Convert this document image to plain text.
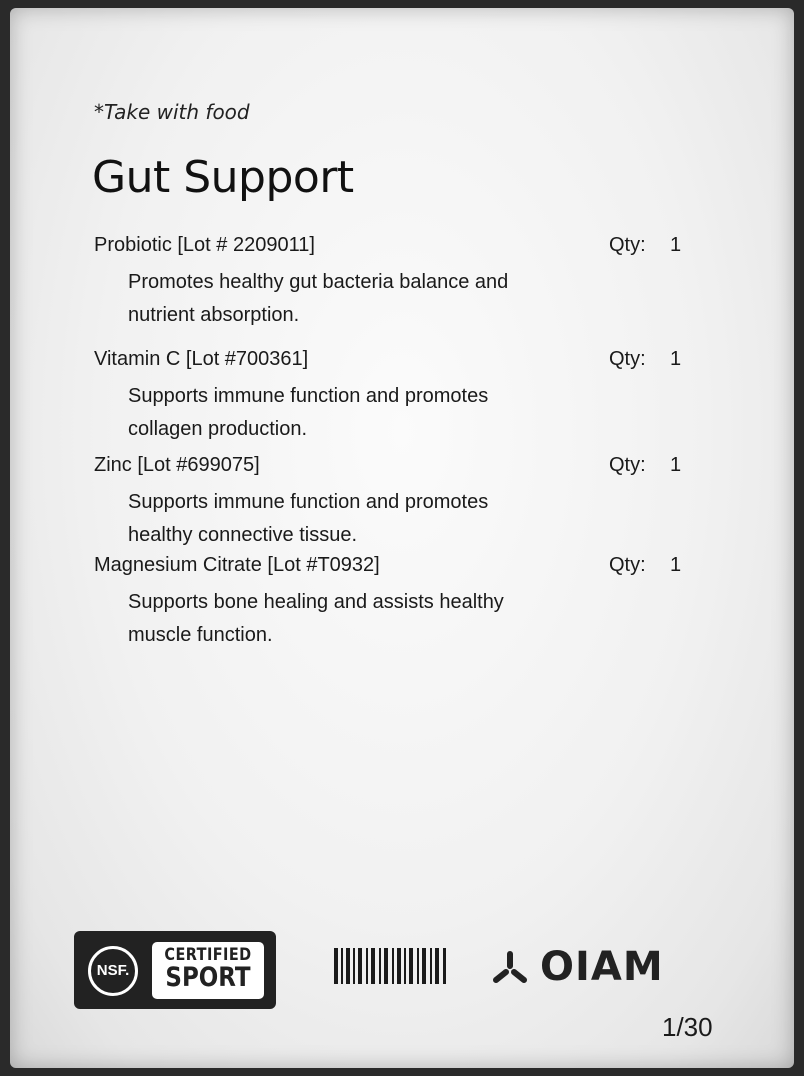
*Take with food
Gut Support
Probiotic [Lot # 2209011]	Qty: 1
Promotes healthy gut bacteria balance and nutrient absorption.
Vitamin C [Lot #700361]	Qty: 1
Supports immune function and promotes collagen production.
Zinc [Lot #699075]	Qty: 1
Supports immune function and promotes healthy connective tissue.
Magnesium Citrate [Lot #T0932]	Qty: 1
Supports bone healing and assists healthy muscle function.
NSF.
CERTIFIED
SPORT	OIAM
1/30
